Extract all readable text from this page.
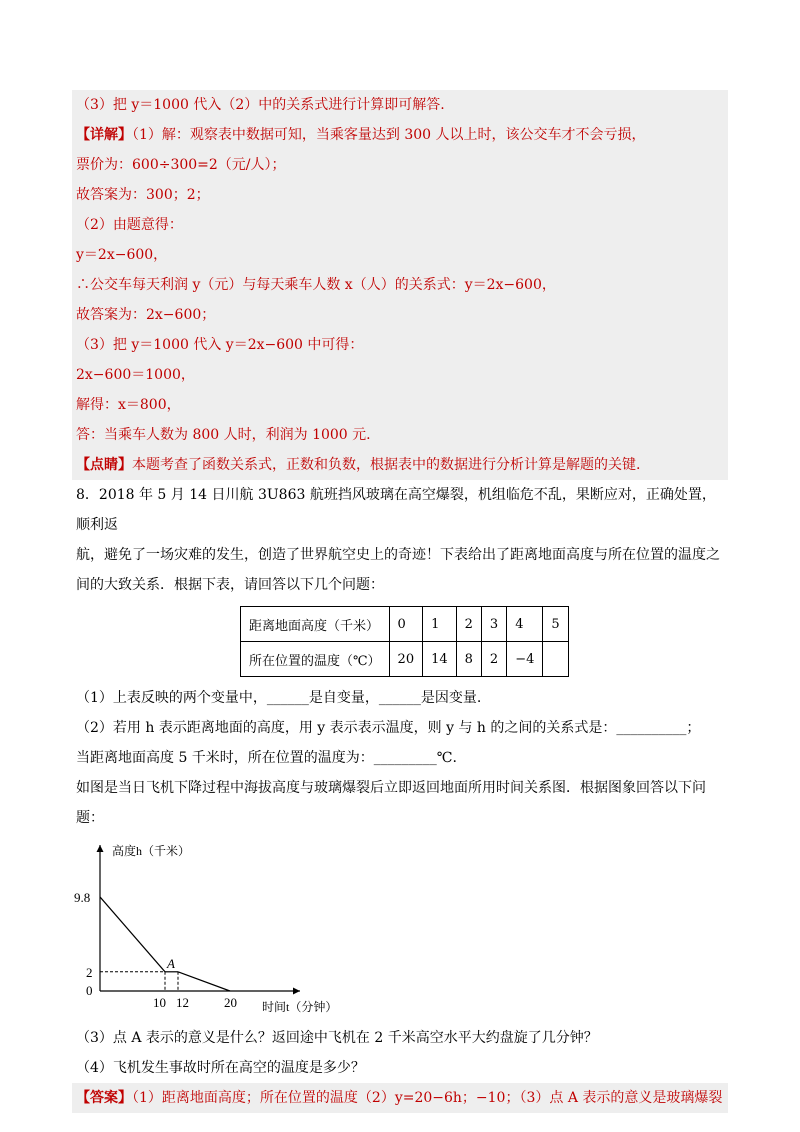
（3）把 y＝1000 代入（2）中的关系式进行计算即可解答.
【详解】（1）解：观察表中数据可知，当乘客量达到 300 人以上时，该公交车才不会亏损，
票价为：600÷300=2（元/人）；
故答案为：300；2；
（2）由题意得：
y＝2x−600，
∴公交车每天利润 y（元）与每天乘车人数 x（人）的关系式：y＝2x−600，
故答案为：2x−600；
（3）把 y＝1000 代入 y＝2x−600 中可得：
2x−600＝1000，
解得：x＝800，
答：当乘车人数为 800 人时，利润为 1000 元.
【点睛】本题考查了函数关系式，正数和负数，根据表中的数据进行分析计算是解题的关键.
8．2018 年 5 月 14 日川航 3U863 航班挡风玻璃在高空爆裂，机组临危不乱，果断应对，正确处置，顺利返
航，避免了一场灾难的发生，创造了世界航空史上的奇迹！下表给出了距离地面高度与所在位置的温度之
间的大致关系．根据下表，请回答以下几个问题：
距离地面高度（千米）	0	1	2	3	4	5
所在位置的温度（℃）	20	14	8	2	−4	
（1）上表反映的两个变量中，______是自变量，______是因变量.
（2）若用 h 表示距离地面的高度，用 y 表示表示温度，则 y 与 h 的之间的关系式是：__________；
当距离地面高度 5 千米时，所在位置的温度为：_________℃.
如图是当日飞机下降过程中海拔高度与玻璃爆裂后立即返回地面所用时间关系图．根据图象回答以下问题：
高度h（千米）
时间t（分钟）
0
2
9.8
10 12	20
A
（3）点 A 表示的意义是什么？返回途中飞机在 2 千米高空水平大约盘旋了几分钟？
（4）飞机发生事故时所在高空的温度是多少？
【答案】（1）距离地面高度；所在位置的温度（2）y=20−6h；−10；（3）点 A 表示的意义是玻璃爆裂
